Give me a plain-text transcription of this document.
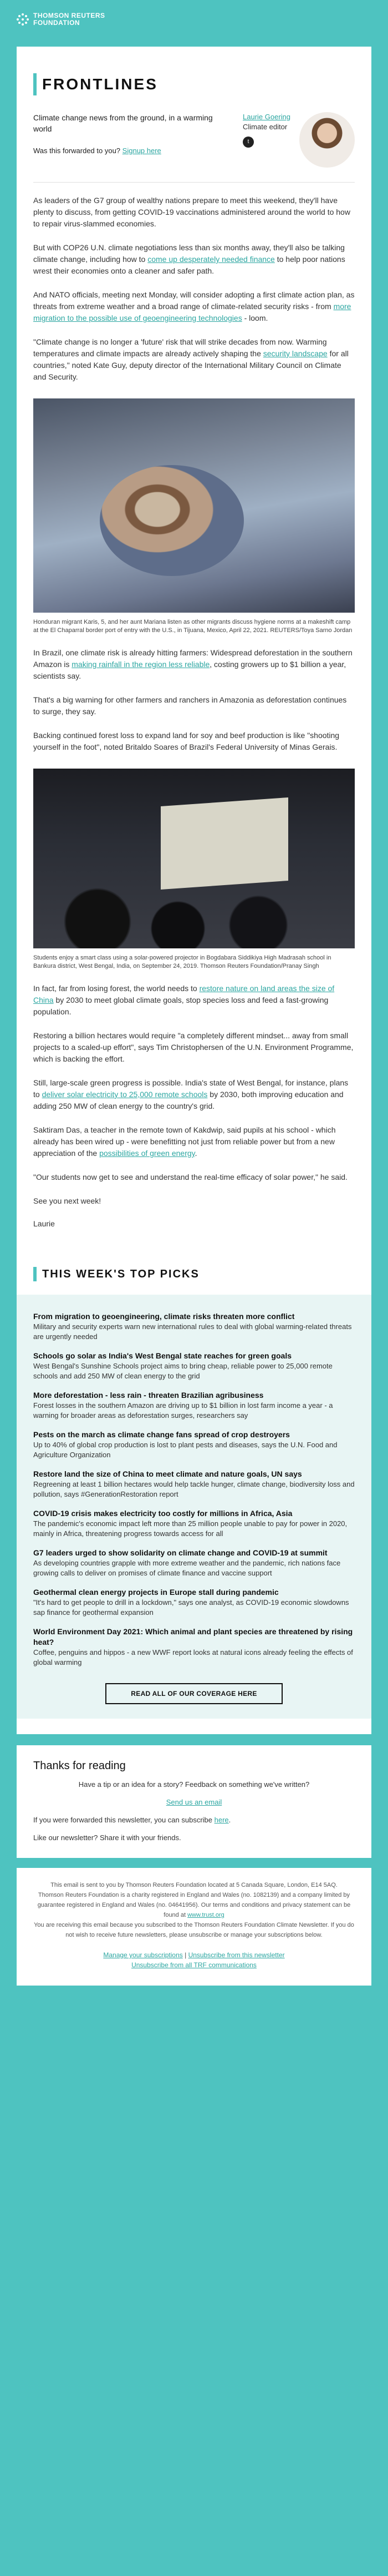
THOMSON REUTERS
FOUNDATION
FRONTLINES
Climate change news from the ground, in a warming world
Was this forwarded to you? Signup here
Laurie Goering
Climate editor
t

As leaders of the G7 group of wealthy nations prepare to meet this weekend, they'll have plenty to discuss, from getting COVID-19 vaccinations administered around the world to how to repair virus-slammed economies.

But with COP26 U.N. climate negotiations less than six months away, they'll also be talking climate change, including how to come up desperately needed finance to help poor nations wrest their economies onto a cleaner and safer path.

And NATO officials, meeting next Monday, will consider adopting a first climate action plan, as threats from extreme weather and a broad range of climate-related security risks - from more migration to the possible use of geoengineering technologies - loom.

"Climate change is no longer a 'future' risk that will strike decades from now. Warming temperatures and climate impacts are already actively shaping the security landscape for all countries," noted Kate Guy, deputy director of the International Military Council on Climate and Security.

Honduran migrant Karis, 5, and her aunt Mariana listen as other migrants discuss hygiene norms at a makeshift camp at the El Chaparral border port of entry with the U.S., in Tijuana, Mexico, April 22, 2021. REUTERS/Toya Sarno Jordan

In Brazil, one climate risk is already hitting farmers: Widespread deforestation in the southern Amazon is making rainfall in the region less reliable, costing growers up to $1 billion a year, scientists say.

That's a big warning for other farmers and ranchers in Amazonia as deforestation continues to surge, they say.

Backing continued forest loss to expand land for soy and beef production is like "shooting yourself in the foot", noted Britaldo Soares of Brazil's Federal University of Minas Gerais.

Students enjoy a smart class using a solar-powered projector in Bogdabara Siddikiya High Madrasah school in Bankura district, West Bengal, India, on September 24, 2019. Thomson Reuters Foundation/Pranay Singh

In fact, far from losing forest, the world needs to restore nature on land areas the size of China by 2030 to meet global climate goals, stop species loss and feed a fast-growing population.

Restoring a billion hectares would require "a completely different mindset... away from small projects to a scaled-up effort", says Tim Christophersen of the U.N. Environment Programme, which is backing the effort.

Still, large-scale green progress is possible. India's state of West Bengal, for instance, plans to deliver solar electricity to 25,000 remote schools by 2030, both improving education and adding 250 MW of clean energy to the country's grid.

Saktiram Das, a teacher in the remote town of Kakdwip, said pupils at his school - which already has been wired up - were benefitting not just from reliable power but from a new appreciation of the possibilities of green energy.

"Our students now get to see and understand the real-time efficacy of solar power," he said.

See you next week!

Laurie

THIS WEEK'S TOP PICKS
From migration to geoengineering, climate risks threaten more conflict
Military and security experts warn new international rules to deal with global warming-related threats are urgently needed
Schools go solar as India's West Bengal state reaches for green goals
West Bengal's Sunshine Schools project aims to bring cheap, reliable power to 25,000 remote schools and add 250 MW of clean energy to the grid
More deforestation - less rain - threaten Brazilian agribusiness
Forest losses in the southern Amazon are driving up to $1 billion in lost farm income a year - a warning for broader areas as deforestation surges, researchers say
Pests on the march as climate change fans spread of crop destroyers
Up to 40% of global crop production is lost to plant pests and diseases, says the U.N. Food and Agriculture Organization
Restore land the size of China to meet climate and nature goals, UN says
Regreening at least 1 billion hectares would help tackle hunger, climate change, biodiversity loss and pollution, says #GenerationRestoration report
COVID-19 crisis makes electricity too costly for millions in Africa, Asia
The pandemic's economic impact left more than 25 million people unable to pay for power in 2020, mainly in Africa, threatening progress towards access for all
G7 leaders urged to show solidarity on climate change and COVID-19 at summit
As developing countries grapple with more extreme weather and the pandemic, rich nations face growing calls to deliver on promises of climate finance and vaccine support
Geothermal clean energy projects in Europe stall during pandemic
"It's hard to get people to drill in a lockdown," says one analyst, as COVID-19 economic slowdowns sap finance for geothermal expansion
World Environment Day 2021: Which animal and plant species are threatened by rising heat?
Coffee, penguins and hippos - a new WWF report looks at natural icons already feeling the effects of global warming
READ ALL OF OUR COVERAGE HERE
Thanks for reading

Have a tip or an idea for a story? Feedback on something we've written?

Send us an email

If you were forwarded this newsletter, you can subscribe here.

Like our newsletter? Share it with your friends.

This email is sent to you by Thomson Reuters Foundation located at 5 Canada Square, London, E14 5AQ.
Thomson Reuters Foundation is a charity registered in England and Wales (no. 1082139) and a company limited by guarantee registered in England and Wales (no. 04641956). Our terms and conditions and privacy statement can be found at www.trust.org
You are receiving this email because you subscribed to the Thomson Reuters Foundation Climate Newsletter. If you do not wish to receive future newsletters, please unsubscribe or manage your subscriptions below.
Manage your subscriptions | Unsubscribe from this newsletter
Unsubscribe from all TRF communications
